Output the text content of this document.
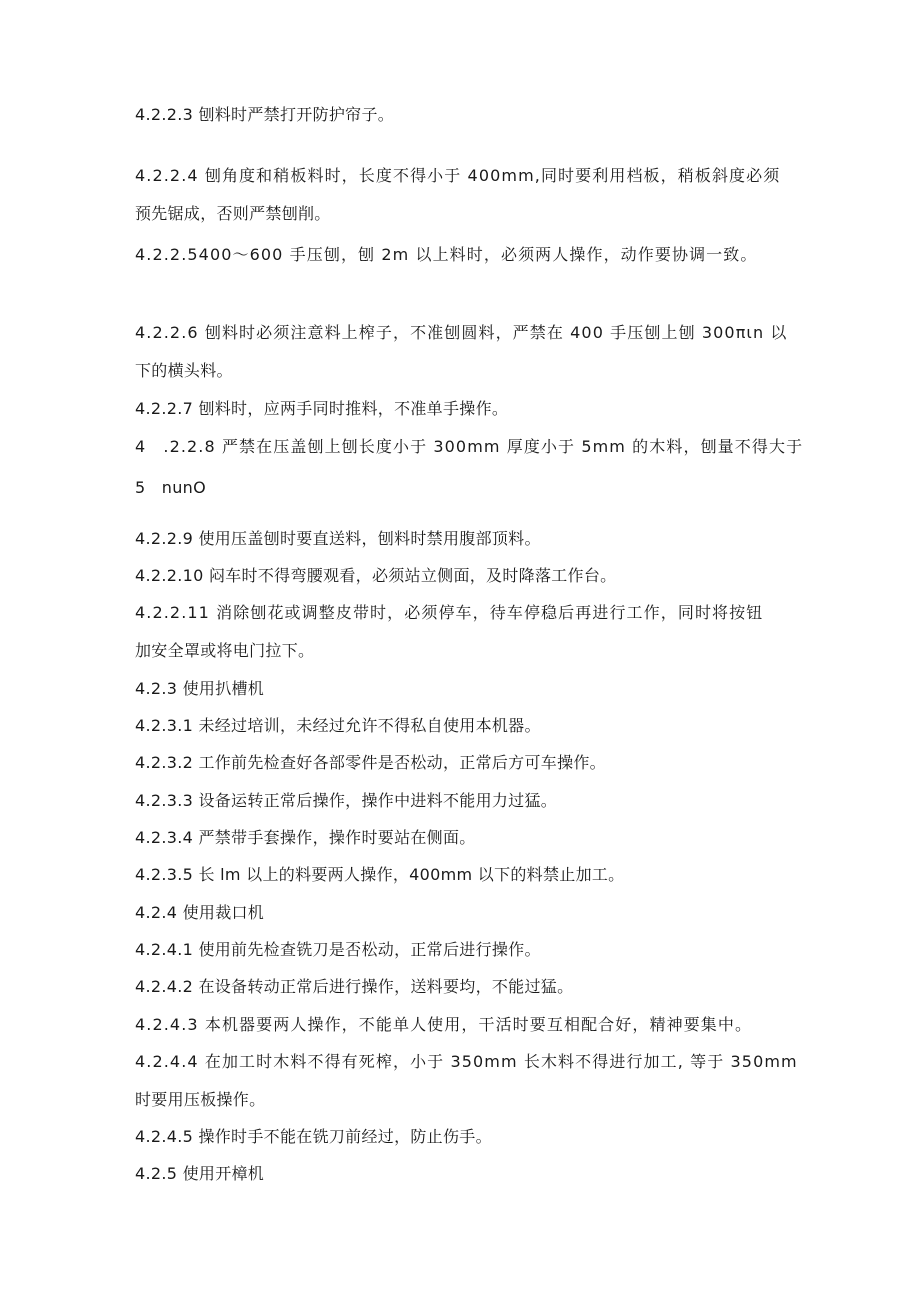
4.2.2.3 刨料时严禁打开防护帘子。
4.2.2.4 刨角度和稍板料时，长度不得小于 400mm,同时要利用档板，稍板斜度必须
预先锯成，否则严禁刨削。
4.2.2.5400～600 手压刨，刨 2m 以上料时，必须两人操作，动作要协调一致。
4.2.2.6 刨料时必须注意料上榨子，不准刨圆料，严禁在 400 手压刨上刨 300πιn 以
下的横头料。
4.2.2.7 刨料时，应两手同时推料，不准单手操作。
4　.2.2.8 严禁在压盖刨上刨长度小于 300mm 厚度小于 5mm 的木料，刨量不得大于
5　nunO
4.2.2.9 使用压盖刨时要直送料，刨料时禁用腹部顶料。
4.2.2.10 闷车时不得弯腰观看，必须站立侧面，及时降落工作台。
4.2.2.11 消除刨花或调整皮带时，必须停车，待车停稳后再进行工作，同时将按钮
加安全罩或将电门拉下。
4.2.3 使用扒槽机
4.2.3.1 未经过培训，未经过允许不得私自使用本机器。
4.2.3.2 工作前先检查好各部零件是否松动，正常后方可车操作。
4.2.3.3 设备运转正常后操作，操作中进料不能用力过猛。
4.2.3.4 严禁带手套操作，操作时要站在侧面。
4.2.3.5 长 lm 以上的料要两人操作，400mm 以下的料禁止加工。
4.2.4 使用裁口机
4.2.4.1 使用前先检查铣刀是否松动，正常后进行操作。
4.2.4.2 在设备转动正常后进行操作，送料要均，不能过猛。
4.2.4.3 本机器要两人操作，不能单人使用，干活时要互相配合好，精神要集中。
4.2.4.4 在加工时木料不得有死榨，小于 350mm 长木料不得进行加工, 等于 350mm
时要用压板操作。
4.2.4.5 操作时手不能在铣刀前经过，防止伤手。
4.2.5 使用开樟机
